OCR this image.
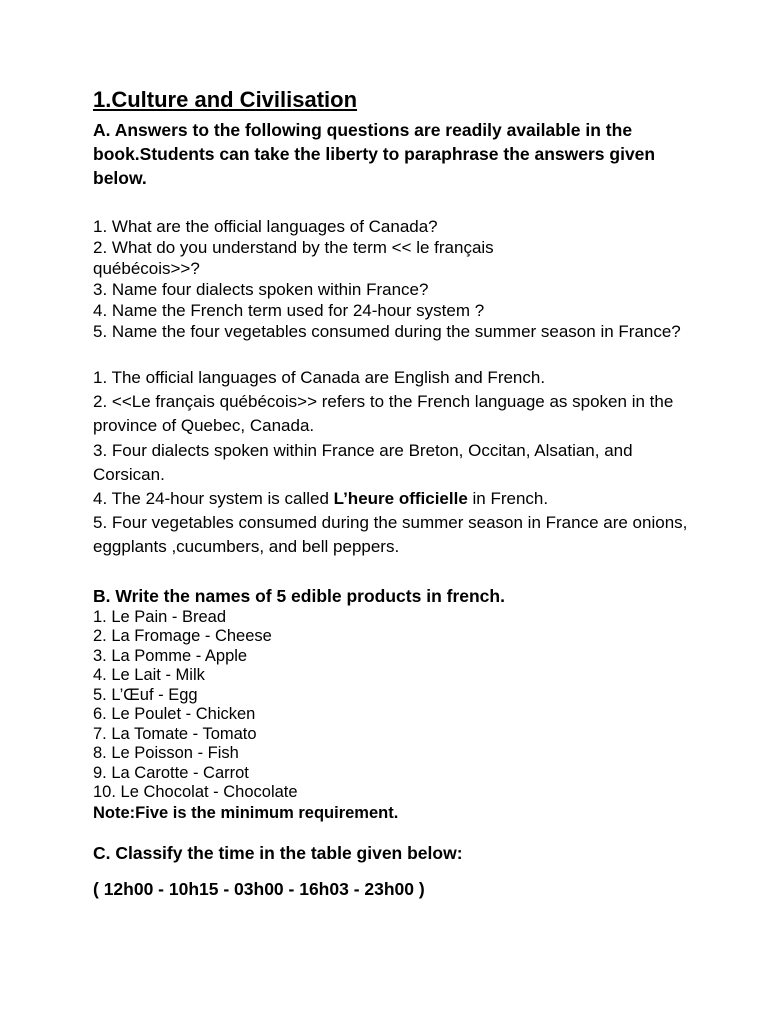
1.Culture and Civilisation
A. Answers to the following questions are readily available in the book.Students can take the liberty to paraphrase the answers given below.
1. What are the official languages of Canada?
2. What do you understand by the term << le français québécois>>?
3. Name four dialects spoken within France?
4. Name the French term used for 24-hour system ?
5. Name the four vegetables consumed during the summer season in France?
1. The official languages of Canada are English and French.
2. <<Le français québécois>> refers to the French language as spoken in the province of Quebec, Canada.
3. Four dialects spoken within France are Breton, Occitan, Alsatian, and Corsican.
4. The 24-hour system is called L’heure officielle in French.
5. Four vegetables consumed during the summer season in France are onions, eggplants ,cucumbers, and bell peppers.
B. Write the names of 5 edible products in french.
1. Le Pain - Bread
2. La Fromage - Cheese
3. La Pomme - Apple
4. Le Lait - Milk
5. L’Œuf - Egg
6. Le Poulet - Chicken
7. La Tomate - Tomato
8. Le Poisson - Fish
9. La Carotte - Carrot
10. Le Chocolat - Chocolate
Note:Five is the minimum requirement.
C. Classify the time in the table given below:
( 12h00 - 10h15 - 03h00 - 16h03 - 23h00 )
